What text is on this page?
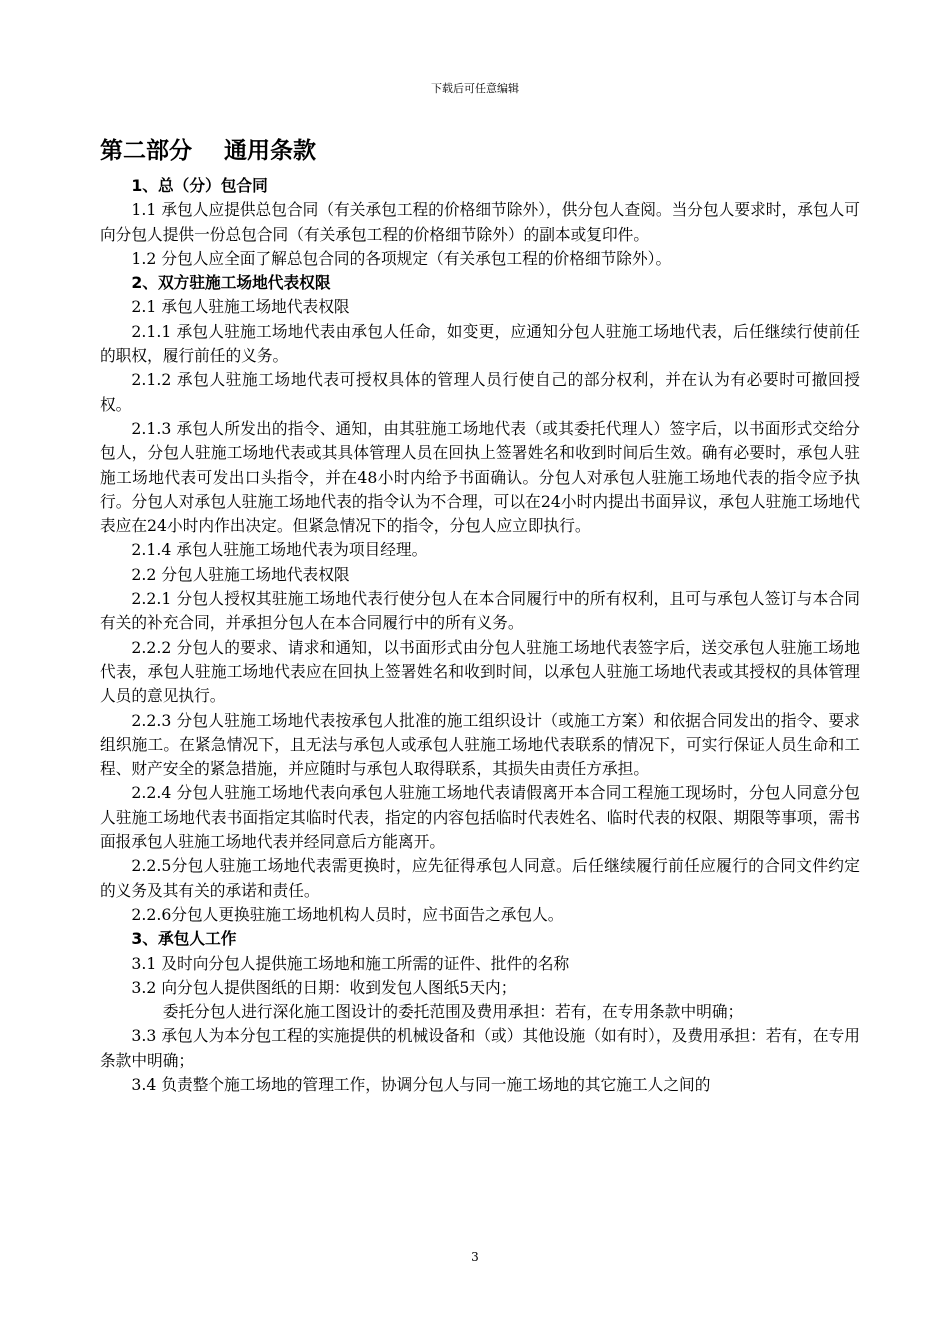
下载后可任意编辑
第二部分    通用条款

1、总（分）包合同

1.1 承包人应提供总包合同（有关承包工程的价格细节除外），供分包人查阅。当分包人要求时，承包人可向分包人提供一份总包合同（有关承包工程的价格细节除外）的副本或复印件。

1.2 分包人应全面了解总包合同的各项规定（有关承包工程的价格细节除外）。

2、双方驻施工场地代表权限

2.1 承包人驻施工场地代表权限

2.1.1 承包人驻施工场地代表由承包人任命，如变更，应通知分包人驻施工场地代表，后任继续行使前任的职权，履行前任的义务。

2.1.2 承包人驻施工场地代表可授权具体的管理人员行使自己的部分权利，并在认为有必要时可撤回授权。

2.1.3 承包人所发出的指令、通知，由其驻施工场地代表（或其委托代理人）签字后，以书面形式交给分包人，分包人驻施工场地代表或其具体管理人员在回执上签署姓名和收到时间后生效。确有必要时，承包人驻施工场地代表可发出口头指令，并在48小时内给予书面确认。分包人对承包人驻施工场地代表的指令应予执行。分包人对承包人驻施工场地代表的指令认为不合理，可以在24小时内提出书面异议，承包人驻施工场地代表应在24小时内作出决定。但紧急情况下的指令，分包人应立即执行。

2.1.4 承包人驻施工场地代表为项目经理。

2.2 分包人驻施工场地代表权限

2.2.1 分包人授权其驻施工场地代表行使分包人在本合同履行中的所有权利，且可与承包人签订与本合同有关的补充合同，并承担分包人在本合同履行中的所有义务。

2.2.2 分包人的要求、请求和通知，以书面形式由分包人驻施工场地代表签字后，送交承包人驻施工场地代表，承包人驻施工场地代表应在回执上签署姓名和收到时间，以承包人驻施工场地代表或其授权的具体管理人员的意见执行。

2.2.3 分包人驻施工场地代表按承包人批准的施工组织设计（或施工方案）和依据合同发出的指令、要求组织施工。在紧急情况下，且无法与承包人或承包人驻施工场地代表联系的情况下，可实行保证人员生命和工程、财产安全的紧急措施，并应随时与承包人取得联系，其损失由责任方承担。

2.2.4 分包人驻施工场地代表向承包人驻施工场地代表请假离开本合同工程施工现场时，分包人同意分包人驻施工场地代表书面指定其临时代表，指定的内容包括临时代表姓名、临时代表的权限、期限等事项，需书面报承包人驻施工场地代表并经同意后方能离开。

2.2.5分包人驻施工场地代表需更换时，应先征得承包人同意。后任继续履行前任应履行的合同文件约定的义务及其有关的承诺和责任。

2.2.6分包人更换驻施工场地机构人员时，应书面告之承包人。

3、承包人工作

3.1 及时向分包人提供施工场地和施工所需的证件、批件的名称

3.2 向分包人提供图纸的日期：收到发包人图纸5天内；

委托分包人进行深化施工图设计的委托范围及费用承担：若有，在专用条款中明确；

3.3 承包人为本分包工程的实施提供的机械设备和（或）其他设施（如有时），及费用承担：若有，在专用条款中明确；

3.4 负责整个施工场地的管理工作，协调分包人与同一施工场地的其它施工人之间的

3
